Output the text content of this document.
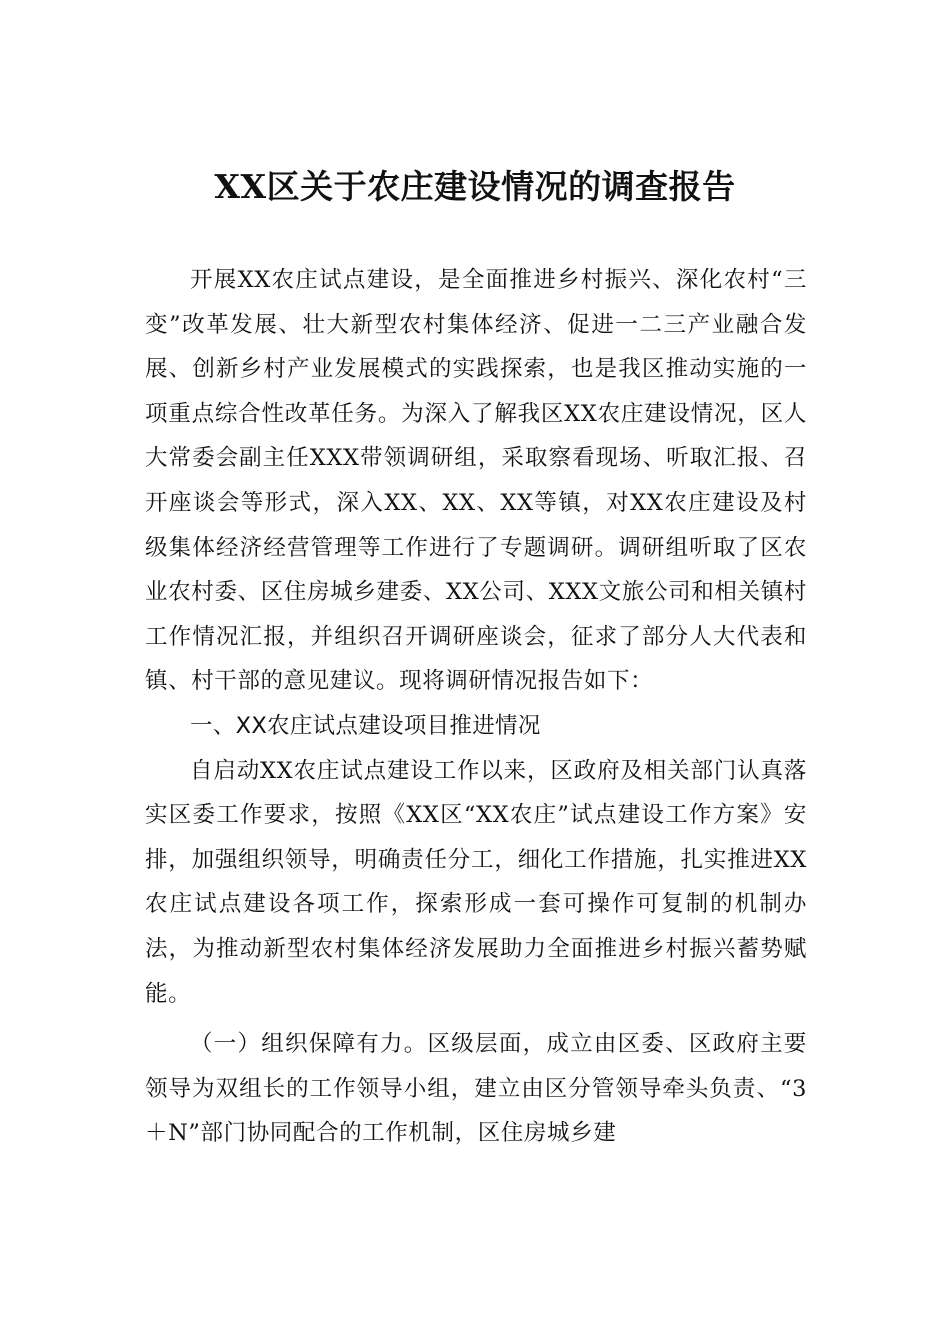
XX区关于农庄建设情况的调查报告

开展XX农庄试点建设，是全面推进乡村振兴、深化农村“三变”改革发展、壮大新型农村集体经济、促进一二三产业融合发展、创新乡村产业发展模式的实践探索，也是我区推动实施的一项重点综合性改革任务。为深入了解我区XX农庄建设情况，区人大常委会副主任XXX带领调研组，采取察看现场、听取汇报、召开座谈会等形式，深入XX、XX、XX等镇，对XX农庄建设及村级集体经济经营管理等工作进行了专题调研。调研组听取了区农业农村委、区住房城乡建委、XX公司、XXX文旅公司和相关镇村工作情况汇报，并组织召开调研座谈会，征求了部分人大代表和镇、村干部的意见建议。现将调研情况报告如下：

一、XX农庄试点建设项目推进情况

自启动XX农庄试点建设工作以来，区政府及相关部门认真落实区委工作要求，按照《XX区“XX农庄”试点建设工作方案》安排，加强组织领导，明确责任分工，细化工作措施，扎实推进XX农庄试点建设各项工作，探索形成一套可操作可复制的机制办法，为推动新型农村集体经济发展助力全面推进乡村振兴蓄势赋能。

（一）组织保障有力。区级层面，成立由区委、区政府主要领导为双组长的工作领导小组，建立由区分管领导牵头负责、“3＋N”部门协同配合的工作机制，区住房城乡建
